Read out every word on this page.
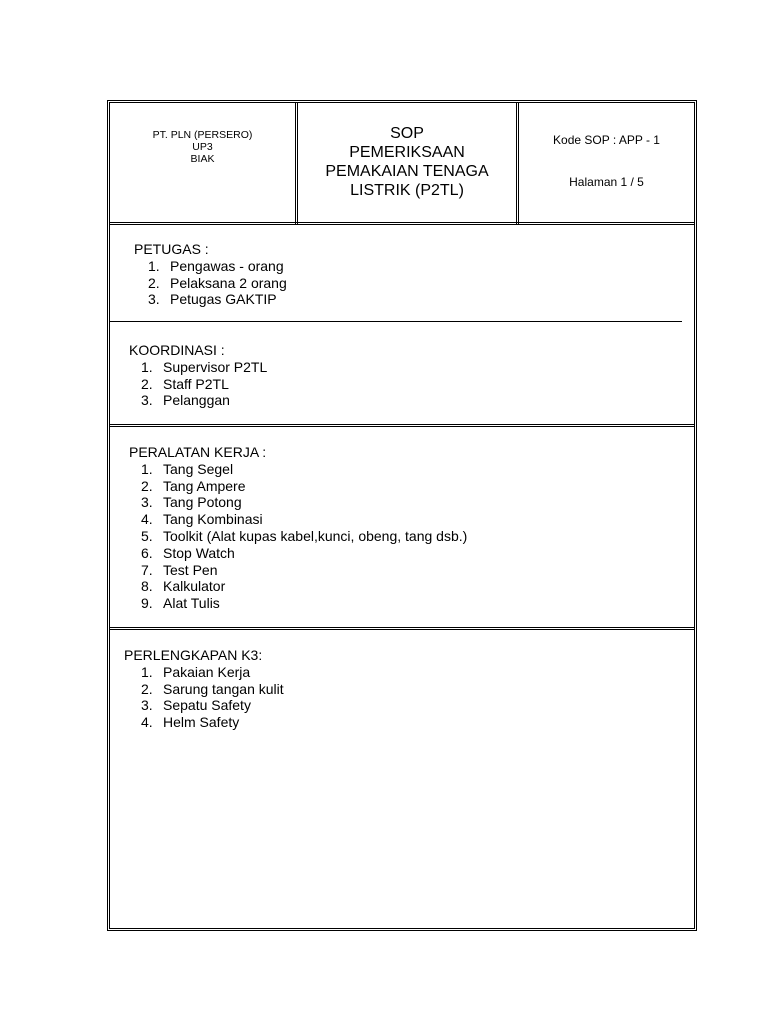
PT. PLN (PERSERO)
UP3
BIAK
SOP
PEMERIKSAAN
PEMAKAIAN TENAGA
LISTRIK (P2TL)
Kode SOP : APP - 1
Halaman 1 / 5
PETUGAS :
1. Pengawas - orang
2. Pelaksana 2 orang
3. Petugas GAKTIP
KOORDINASI :
1. Supervisor P2TL
2. Staff P2TL
3. Pelanggan
PERALATAN KERJA :
1. Tang Segel
2. Tang Ampere
3. Tang Potong
4. Tang Kombinasi
5. Toolkit (Alat kupas kabel,kunci, obeng, tang dsb.)
6. Stop Watch
7. Test Pen
8. Kalkulator
9. Alat Tulis
PERLENGKAPAN K3:
1. Pakaian Kerja
2. Sarung tangan kulit
3. Sepatu Safety
4. Helm Safety
